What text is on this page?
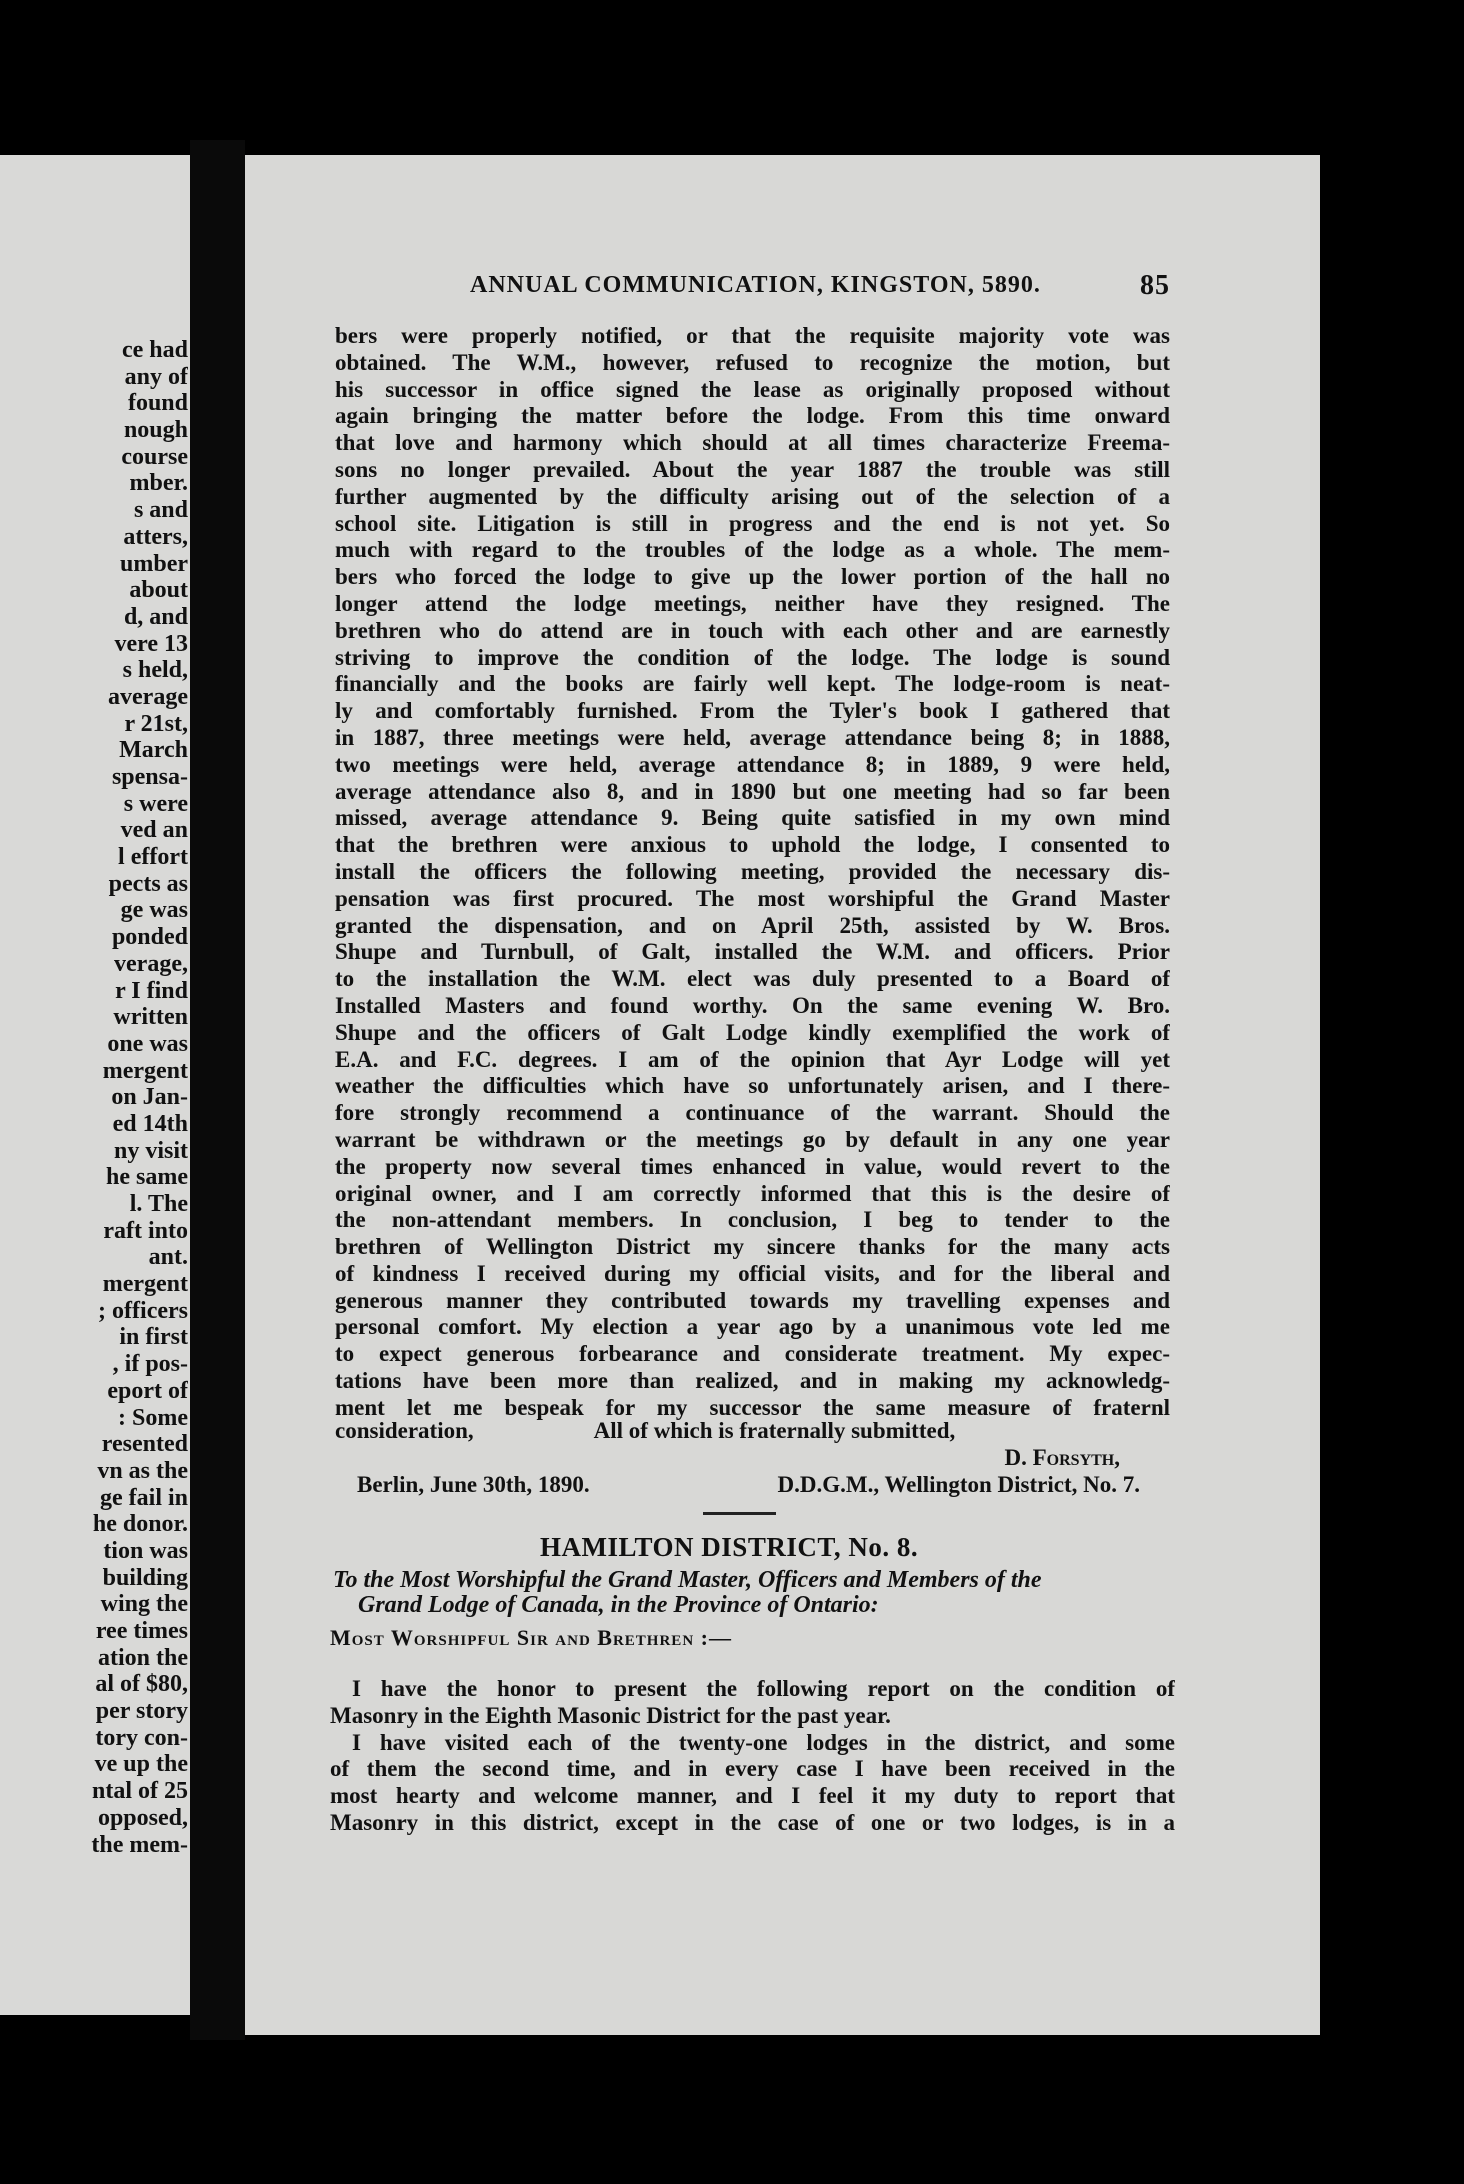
ce had
any of
found
nough
course
mber.
s and
atters,
umber
about
d, and
vere 13
s held,
average
r 21st,
March
spensa-
s were
ved an
l effort
pects as
ge was
ponded
verage,
r I find
written
one was
mergent
on Jan-
ed 14th
ny visit
he same
l. The
raft into
ant.
mergent
; officers
in first
, if pos-
eport of
: Some
resented
vn as the
ge fail in
he donor.
tion was
building
wing the
ree times
ation the
al of $80,
per story
tory con-
ve up the
ntal of 25
opposed,
the mem-
ANNUAL COMMUNICATION, KINGSTON, 5890.	85
bers were properly notified, or that the requisite majority vote was
obtained. The W.M., however, refused to recognize the motion, but
his successor in office signed the lease as originally proposed without
again bringing the matter before the lodge. From this time onward
that love and harmony which should at all times characterize Freema-
sons no longer prevailed. About the year 1887 the trouble was still
further augmented by the difficulty arising out of the selection of a
school site. Litigation is still in progress and the end is not yet. So
much with regard to the troubles of the lodge as a whole. The mem-
bers who forced the lodge to give up the lower portion of the hall no
longer attend the lodge meetings, neither have they resigned. The
brethren who do attend are in touch with each other and are earnestly
striving to improve the condition of the lodge. The lodge is sound
financially and the books are fairly well kept. The lodge-room is neat-
ly and comfortably furnished. From the Tyler's book I gathered that
in 1887, three meetings were held, average attendance being 8; in 1888,
two meetings were held, average attendance 8; in 1889, 9 were held,
average attendance also 8, and in 1890 but one meeting had so far been
missed, average attendance 9. Being quite satisfied in my own mind
that the brethren were anxious to uphold the lodge, I consented to
install the officers the following meeting, provided the necessary dis-
pensation was first procured. The most worshipful the Grand Master
granted the dispensation, and on April 25th, assisted by W. Bros.
Shupe and Turnbull, of Galt, installed the W.M. and officers. Prior
to the installation the W.M. elect was duly presented to a Board of
Installed Masters and found worthy. On the same evening W. Bro.
Shupe and the officers of Galt Lodge kindly exemplified the work of
E.A. and F.C. degrees. I am of the opinion that Ayr Lodge will yet
weather the difficulties which have so unfortunately arisen, and I there-
fore strongly recommend a continuance of the warrant. Should the
warrant be withdrawn or the meetings go by default in any one year
the property now several times enhanced in value, would revert to the
original owner, and I am correctly informed that this is the desire of
the non-attendant members. In conclusion, I beg to tender to the
brethren of Wellington District my sincere thanks for the many acts
of kindness I received during my official visits, and for the liberal and
generous manner they contributed towards my travelling expenses and
personal comfort. My election a year ago by a unanimous vote led me
to expect generous forbearance and considerate treatment. My expec-
tations have been more than realized, and in making my acknowledg-
ment let me bespeak for my successor the same measure of fraternl
consideration,	All of which is fraternally submitted,
D. Forsyth,
Berlin, June 30th, 1890.	D.D.G.M., Wellington District, No. 7.
HAMILTON DISTRICT, No. 8.
To the Most Worshipful the Grand Master, Officers and Members of the
Grand Lodge of Canada, in the Province of Ontario:
Most Worshipful Sir and Brethren :—
I have the honor to present the following report on the condition of
Masonry in the Eighth Masonic District for the past year.
I have visited each of the twenty-one lodges in the district, and some
of them the second time, and in every case I have been received in the
most hearty and welcome manner, and I feel it my duty to report that
Masonry in this district, except in the case of one or two lodges, is in a
